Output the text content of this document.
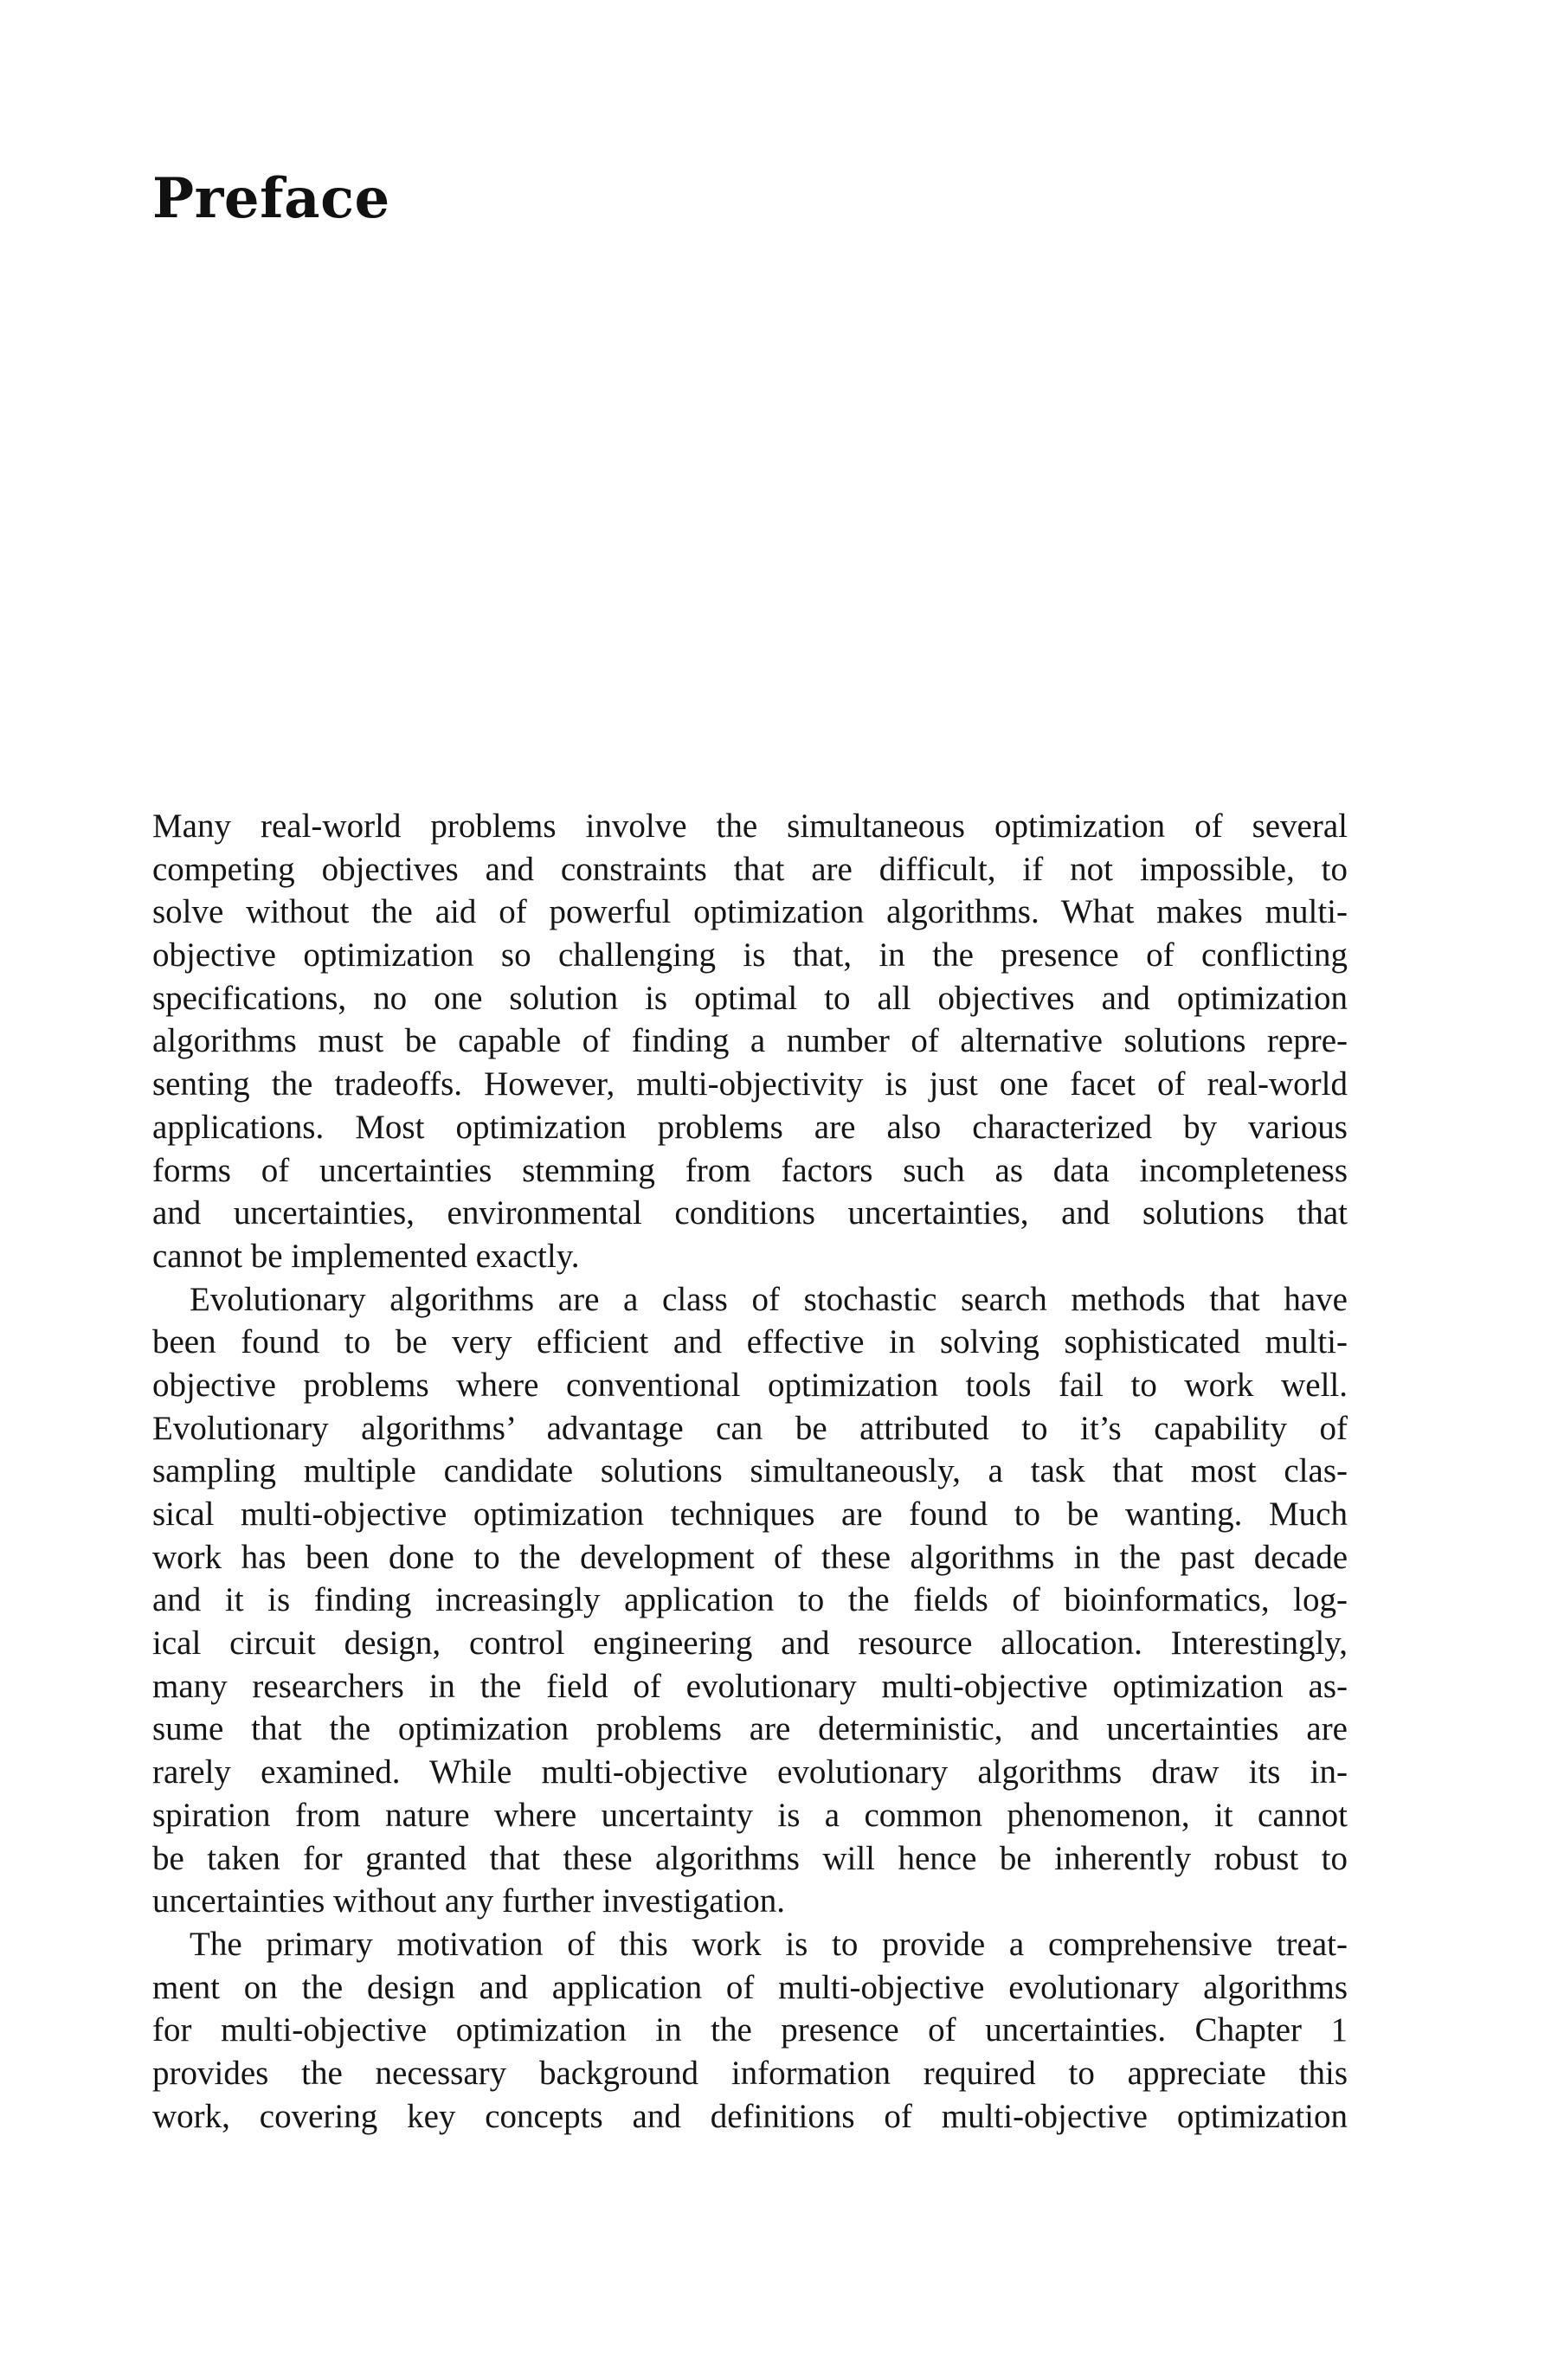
Preface

Many real-world problems involve the simultaneous optimization of several
competing objectives and constraints that are difficult, if not impossible, to
solve without the aid of powerful optimization algorithms. What makes multi-
objective optimization so challenging is that, in the presence of conflicting
specifications, no one solution is optimal to all objectives and optimization
algorithms must be capable of finding a number of alternative solutions repre-
senting the tradeoffs. However, multi-objectivity is just one facet of real-world
applications. Most optimization problems are also characterized by various
forms of uncertainties stemming from factors such as data incompleteness
and uncertainties, environmental conditions uncertainties, and solutions that
cannot be implemented exactly.

Evolutionary algorithms are a class of stochastic search methods that have
been found to be very efficient and effective in solving sophisticated multi-
objective problems where conventional optimization tools fail to work well.
Evolutionary algorithms’ advantage can be attributed to it’s capability of
sampling multiple candidate solutions simultaneously, a task that most clas-
sical multi-objective optimization techniques are found to be wanting. Much
work has been done to the development of these algorithms in the past decade
and it is finding increasingly application to the fields of bioinformatics, log-
ical circuit design, control engineering and resource allocation. Interestingly,
many researchers in the field of evolutionary multi-objective optimization as-
sume that the optimization problems are deterministic, and uncertainties are
rarely examined. While multi-objective evolutionary algorithms draw its in-
spiration from nature where uncertainty is a common phenomenon, it cannot
be taken for granted that these algorithms will hence be inherently robust to
uncertainties without any further investigation.

The primary motivation of this work is to provide a comprehensive treat-
ment on the design and application of multi-objective evolutionary algorithms
for multi-objective optimization in the presence of uncertainties. Chapter 1
provides the necessary background information required to appreciate this
work, covering key concepts and definitions of multi-objective optimization
